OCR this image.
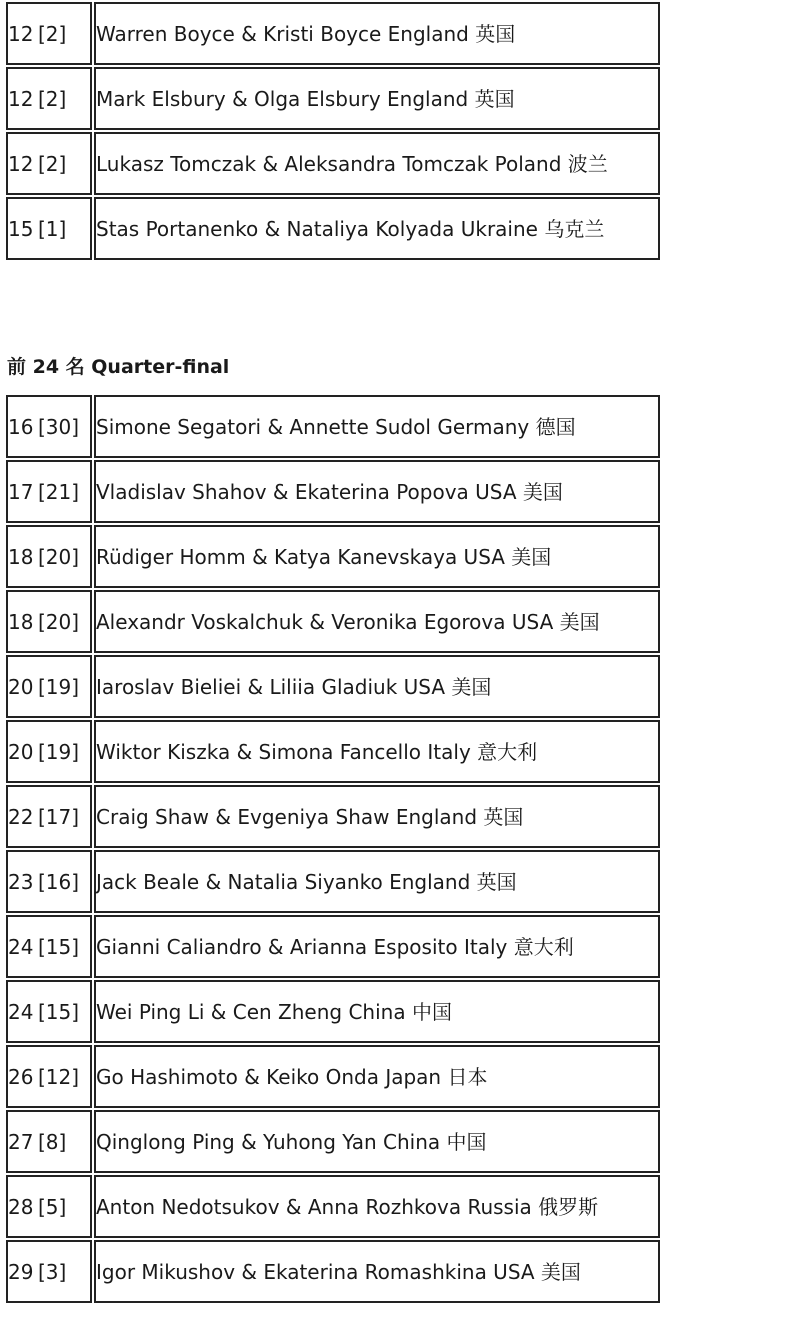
12 [2]	Warren Boyce & Kristi Boyce England 英国
12 [2]	Mark Elsbury & Olga Elsbury England 英国
12 [2]	Lukasz Tomczak & Aleksandra Tomczak Poland 波兰
15 [1]	Stas Portanenko & Nataliya Kolyada Ukraine 乌克兰
前 24 名 Quarter-final
16 [30]	Simone Segatori & Annette Sudol Germany 德国
17 [21]	Vladislav Shahov & Ekaterina Popova USA 美国
18 [20]	Rüdiger Homm & Katya Kanevskaya USA 美国
18 [20]	Alexandr Voskalchuk & Veronika Egorova USA 美国
20 [19]	Iaroslav Bieliei & Liliia Gladiuk USA 美国
20 [19]	Wiktor Kiszka & Simona Fancello Italy 意大利
22 [17]	Craig Shaw & Evgeniya Shaw England 英国
23 [16]	Jack Beale & Natalia Siyanko England 英国
24 [15]	Gianni Caliandro & Arianna Esposito Italy 意大利
24 [15]	Wei Ping Li & Cen Zheng China 中国
26 [12]	Go Hashimoto & Keiko Onda Japan 日本
27 [8]	Qinglong Ping & Yuhong Yan China 中国
28 [5]	Anton Nedotsukov & Anna Rozhkova Russia 俄罗斯
29 [3]	Igor Mikushov & Ekaterina Romashkina USA 美国
